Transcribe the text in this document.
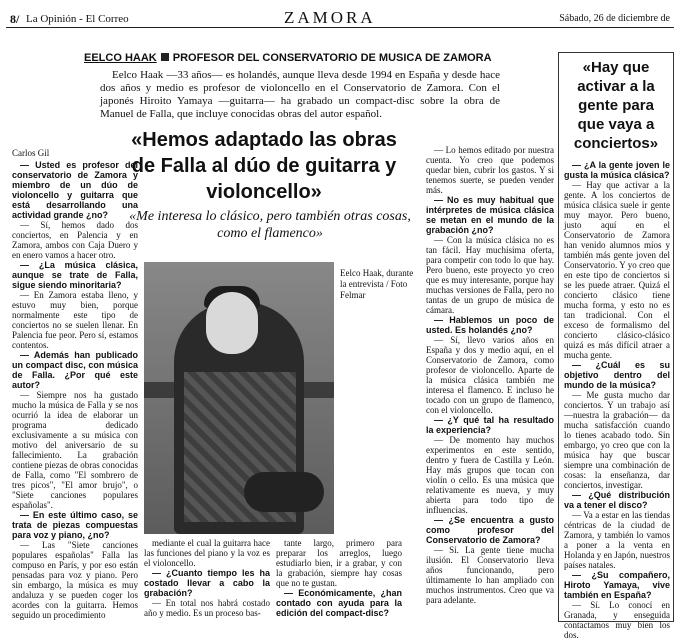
8/ La Opinión - El Correo	ZAMORA	Sábado, 26 de diciembre de
EELCO HAAK PROFESOR DEL CONSERVATORIO DE MUSICA DE ZAMORA

Eelco Haak —33 años— es holandés, aunque lleva desde 1994 en España y desde hace dos años y medio es profesor de violoncello en el Conservatorio de Zamora. Con el japonés Hiroito Yamaya —guitarra— ha grabado un compact-disc sobre la obra de Manuel de Falla, que incluye conocidas obras del autor español.

«Hemos adaptado las obras de Falla al dúo de guitarra y violoncello»

«Me interesa lo clásico, pero también otras cosas, como el flamenco»

Carlos Gil

— Usted es profesor del conservatorio de Zamora y miembro de un dúo de violoncello y guitarra que está desarrollando una actividad grande ¿no?

— Sí, hemos dado dos conciertos, en Palencia y en Zamora, ambos con Caja Duero y en enero vamos a hacer otro.

— ¿La música clásica, aunque se trate de Falla, sigue siendo minoritaria?

— En Zamora estaba lleno, y estuvo muy bien, porque normalmente este tipo de conciertos no se suelen llenar. En Palencia fue peor. Pero sí, estamos contentos.

— Además han publicado un compact disc, con música de Falla. ¿Por qué este autor?

— Siempre nos ha gustado mucho la música de Falla y se nos ocurrió la idea de elaborar un programa dedicado exclusivamente a su música con motivo del aniversario de su fallecimiento. La grabación contiene piezas de obras conocidas de Falla, como "El sombrero de tres picos", "El amor brujo", o "Siete canciones populares españolas".

— En este último caso, se trata de piezas compuestas para voz y piano, ¿no?

— Las "Siete canciones populares españolas" Falla las compuso en París, y por eso están pensadas para voz y piano. Pero sin embargo, la música es muy andaluza y se pueden coger los acordes con la guitarra. Hemos seguido un procedimiento

Eelco Haak, durante la entrevista / Foto Felmar

mediante el cual la guitarra hace las funciones del piano y la voz es el violoncello.

— ¿Cuanto tiempo les ha costado llevar a cabo la grabación?

— En total nos habrá costado año y medio. Es un proceso bas-

tante largo, primero para preparar los arreglos, luego estudiarlo bien, ir a grabar, y con la grabación, siempre hay cosas que no te gustan.

— Económicamente, ¿han contado con ayuda para la edición del compact-disc?

— Lo hemos editado por nuestra cuenta. Yo creo que podemos quedar bien, cubrir los gastos. Y si tenemos suerte, se pueden vender más.

— No es muy habitual que intérpretes de música clásica se metan en el mundo de la grabación ¿no?

— Con la música clásica no es tan fácil. Hay muchísima oferta, para competir con todo lo que hay. Pero bueno, este proyecto yo creo que es muy interesante, porque hay muchas versiones de Falla, pero no tantas de un grupo de música de cámara.

— Hablemos un poco de usted. Es holandés ¿no?

— Sí, llevo varios años en España y dos y medio aquí, en el Conservatorio de Zamora, como profesor de violoncello. Aparte de la música clásica también me interesa el flamenco. E incluso he tocado con un grupo de flamenco, con el violoncello.

— ¿Y qué tal ha resultado la experiencia?

— De momento hay muchos experimentos en este sentido, dentro y fuera de Castilla y León. Hay más grupos que tocan con violín o cello. Es una música que relativamente es nueva, y muy abierta para todo tipo de influencias.

— ¿Se encuentra a gusto como profesor del Conservatorio de Zamora?

— Sí. La gente tiene mucha ilusión. El Conservatorio lleva años funcionando, pero últimamente lo han ampliado con muchos instrumentos. Creo que va para adelante.

«Hay que activar a la gente para que vaya a conciertos»

— ¿A la gente joven le gusta la música clásica?

— Hay que activar a la gente. A los conciertos de música clásica suele ir gente muy mayor. Pero bueno, justo aquí en el Conservatorio de Zamora han venido alumnos míos y también más gente joven del Conservatorio. Y yo creo que en este tipo de conciertos si se les puede atraer. Quizá el concierto clásico tiene mucha forma, y esto no es tan tradicional. Con el exceso de formalismo del concierto clásico-clásico quizá es más difícil atraer a mucha gente.

— ¿Cuál es su objetivo dentro del mundo de la música?

— Me gusta mucho dar conciertos. Y un trabajo así —nuestra la grabación— da mucha satisfacción cuando lo tienes acabado todo. Sin embargo, yo creo que con la música hay que buscar siempre una combinación de cosas: la enseñanza, dar conciertos, investigar.

— ¿Qué distribución va a tener el disco?

— Va a estar en las tiendas céntricas de la ciudad de Zamora, y también lo vamos a poner a la venta en Holanda y en Japón, nuestros países natales.

— ¿Su compañero, Hiroto Yamaya, vive también en España?

— Sí. Lo conocí en Granada, y enseguida contactamos muy bien los dos.
